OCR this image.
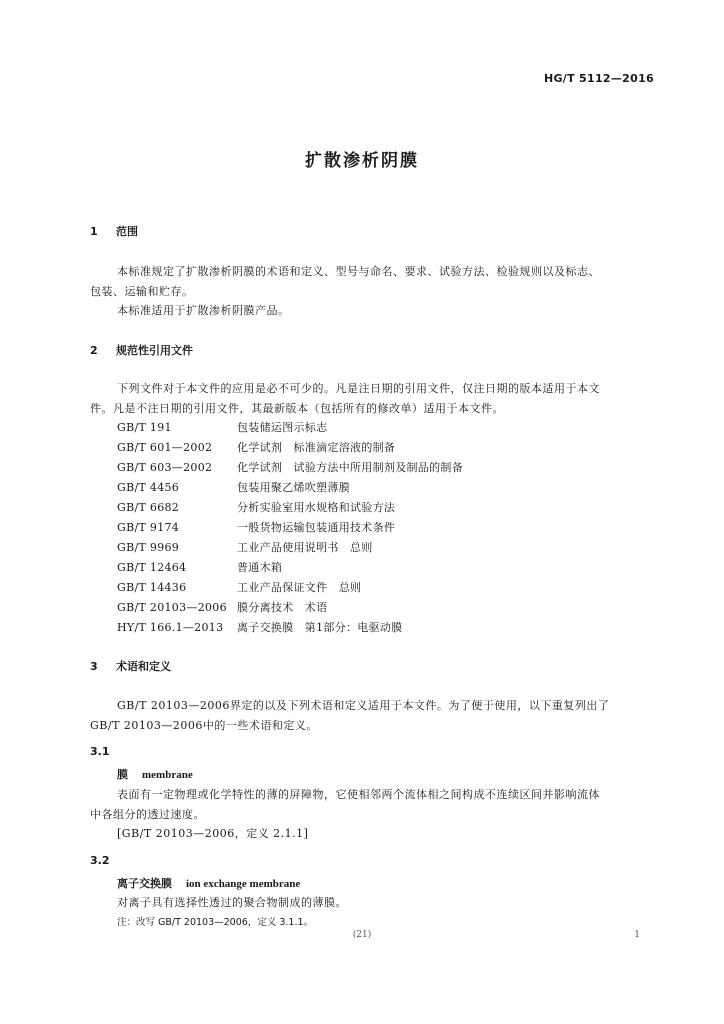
HG/T 5112—2016
扩散渗析阴膜
1 范围
本标准规定了扩散渗析阴膜的术语和定义、型号与命名、要求、试验方法、检验规则以及标志、
包装、运输和贮存。
本标准适用于扩散渗析阴膜产品。
2 规范性引用文件
下列文件对于本文件的应用是必不可少的。凡是注日期的引用文件，仅注日期的版本适用于本文
件。凡是不注日期的引用文件，其最新版本（包括所有的修改单）适用于本文件。
GB/T 191	包装储运图示标志
GB/T 601—2002 化学试剂　标准滴定溶液的制备
GB/T 603—2002 化学试剂　试验方法中所用制剂及制品的制备
GB/T 4456	包装用聚乙烯吹塑薄膜
GB/T 6682	分析实验室用水规格和试验方法
GB/T 9174	一般货物运输包装通用技术条件
GB/T 9969	工业产品使用说明书　总则
GB/T 12464	普通木箱
GB/T 14436	工业产品保证文件　总则
GB/T 20103—2006 膜分离技术　术语
HY/T 166.1—2013 离子交换膜　第1部分：电驱动膜
3 术语和定义
GB/T 20103—2006界定的以及下列术语和定义适用于本文件。为了便于使用，以下重复列出了
GB/T 20103—2006中的一些术语和定义。
3.1
膜 membrane
表面有一定物理或化学特性的薄的屏障物，它使相邻两个流体相之间构成不连续区间并影响流体
中各组分的透过速度。
[GB/T 20103—2006，定义 2.1.1]
3.2
离子交换膜 ion exchange membrane
对离子具有选择性透过的聚合物制成的薄膜。
注：改写 GB/T 20103—2006，定义 3.1.1。
(21)	1
